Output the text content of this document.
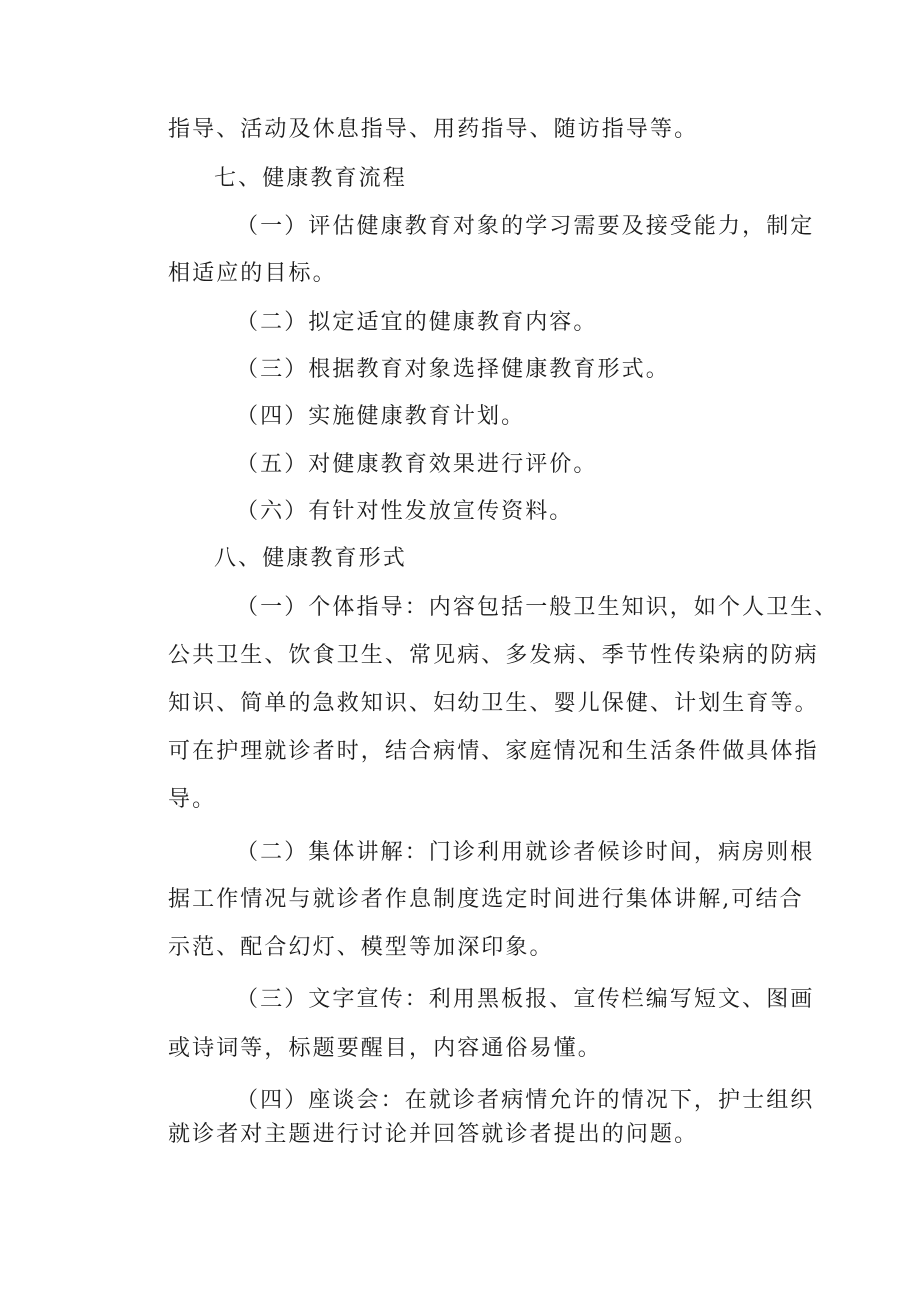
指导、活动及休息指导、用药指导、随访指导等。
七、健康教育流程
（一）评估健康教育对象的学习需要及接受能力，制定
相适应的目标。
（二）拟定适宜的健康教育内容。
（三）根据教育对象选择健康教育形式。
（四）实施健康教育计划。
（五）对健康教育效果进行评价。
（六）有针对性发放宣传资料。
八、健康教育形式
（一）个体指导：内容包括一般卫生知识，如个人卫生、
公共卫生、饮食卫生、常见病、多发病、季节性传染病的防病
知识、简单的急救知识、妇幼卫生、婴儿保健、计划生育等。
可在护理就诊者时，结合病情、家庭情况和生活条件做具体指
导。
（二）集体讲解：门诊利用就诊者候诊时间，病房则根
据工作情况与就诊者作息制度选定时间进行集体讲解,可结合
示范、配合幻灯、模型等加深印象。
（三）文字宣传：利用黑板报、宣传栏编写短文、图画
或诗词等，标题要醒目，内容通俗易懂。
（四）座谈会：在就诊者病情允许的情况下，护士组织
就诊者对主题进行讨论并回答就诊者提出的问题。
